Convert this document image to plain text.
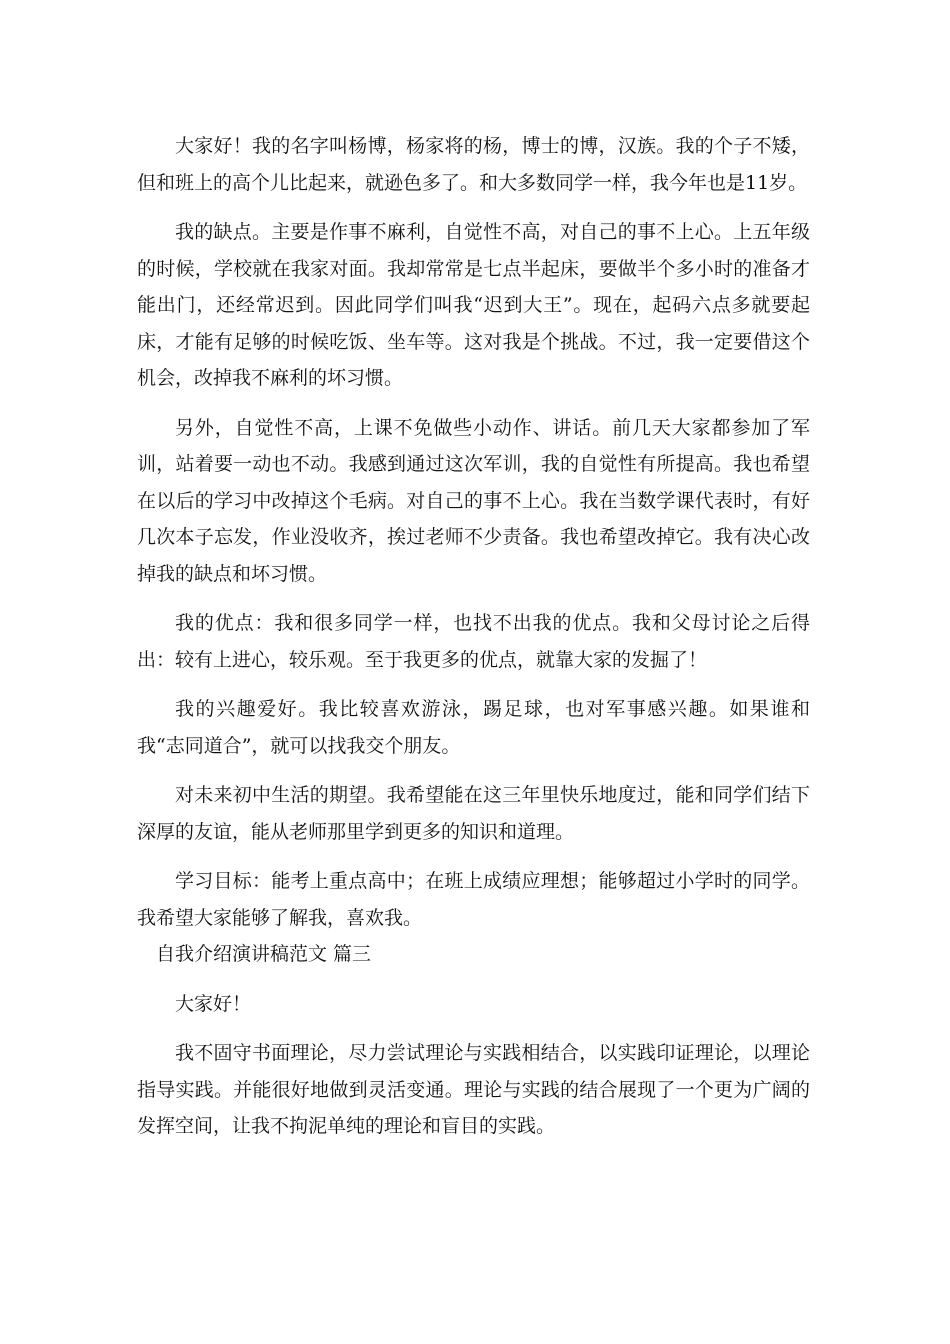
大家好！我的名字叫杨博，杨家将的杨，博士的博，汉族。我的个子不矮，但和班上的高个儿比起来，就逊色多了。和大多数同学一样，我今年也是11岁。

我的缺点。主要是作事不麻利，自觉性不高，对自己的事不上心。上五年级的时候，学校就在我家对面。我却常常是七点半起床，要做半个多小时的准备才能出门，还经常迟到。因此同学们叫我“迟到大王”。现在，起码六点多就要起床，才能有足够的时候吃饭、坐车等。这对我是个挑战。不过，我一定要借这个机会，改掉我不麻利的坏习惯。

另外，自觉性不高，上课不免做些小动作、讲话。前几天大家都参加了军训，站着要一动也不动。我感到通过这次军训，我的自觉性有所提高。我也希望在以后的学习中改掉这个毛病。对自己的事不上心。我在当数学课代表时，有好几次本子忘发，作业没收齐，挨过老师不少责备。我也希望改掉它。我有决心改掉我的缺点和坏习惯。

我的优点：我和很多同学一样，也找不出我的优点。我和父母讨论之后得出：较有上进心，较乐观。至于我更多的优点，就靠大家的发掘了！

我的兴趣爱好。我比较喜欢游泳，踢足球，也对军事感兴趣。如果谁和我“志同道合”，就可以找我交个朋友。

对未来初中生活的期望。我希望能在这三年里快乐地度过，能和同学们结下深厚的友谊，能从老师那里学到更多的知识和道理。

学习目标：能考上重点高中；在班上成绩应理想；能够超过小学时的同学。我希望大家能够了解我，喜欢我。

自我介绍演讲稿范文 篇三

大家好！

我不固守书面理论，尽力尝试理论与实践相结合，以实践印证理论，以理论指导实践。并能很好地做到灵活变通。理论与实践的结合展现了一个更为广阔的发挥空间，让我不拘泥单纯的理论和盲目的实践。
